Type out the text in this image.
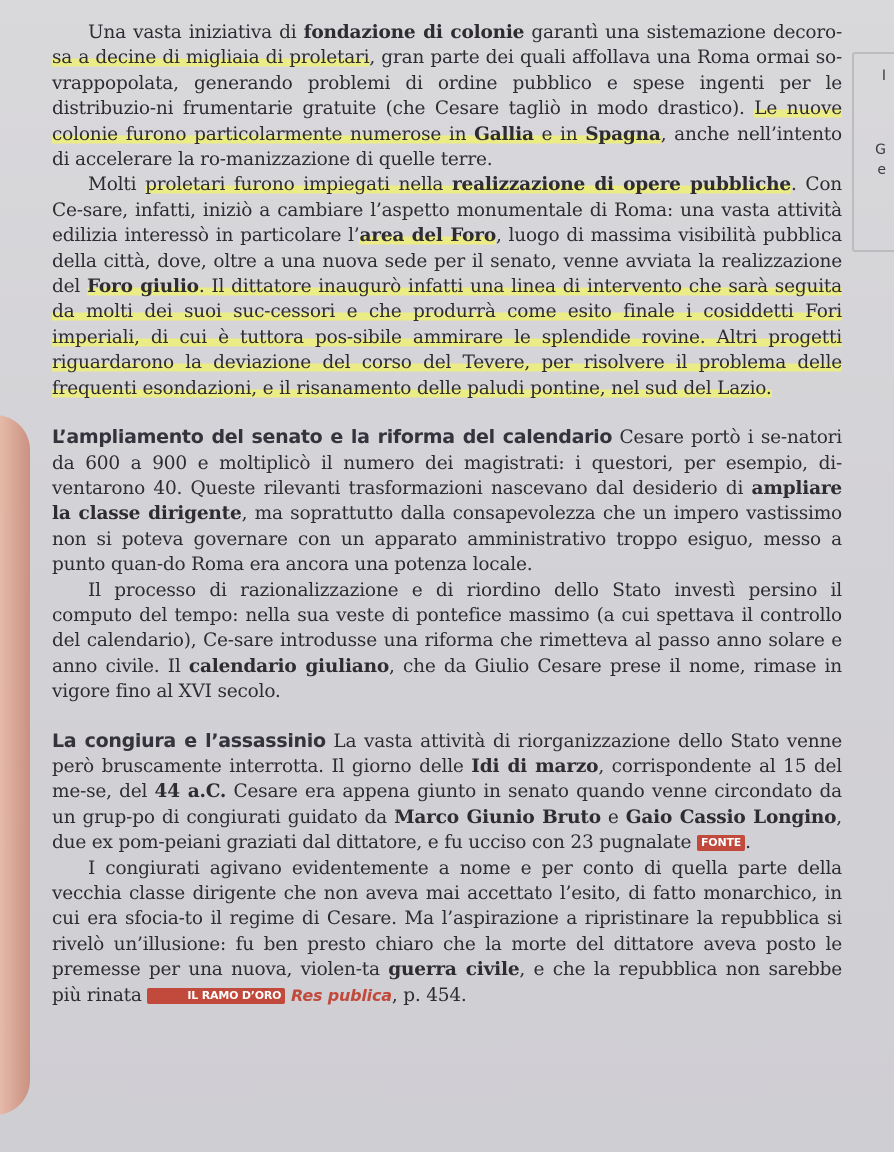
I
G
e

Una vasta iniziativa di fondazione di colonie garantì una sistemazione decoro-sa a decine di migliaia di proletari, gran parte dei quali affollava una Roma ormai so-vrappopolata, generando problemi di ordine pubblico e spese ingenti per le distribuzio-ni frumentarie gratuite (che Cesare tagliò in modo drastico). Le nuove colonie furono particolarmente numerose in Gallia e in Spagna, anche nell’intento di accelerare la ro-manizzazione di quelle terre.

Molti proletari furono impiegati nella realizzazione di opere pubbliche. Con Ce-sare, infatti, iniziò a cambiare l’aspetto monumentale di Roma: una vasta attività edilizia interessò in particolare l’area del Foro, luogo di massima visibilità pubblica della città, dove, oltre a una nuova sede per il senato, venne avviata la realizzazione del Foro giulio. Il dittatore inaugurò infatti una linea di intervento che sarà seguita da molti dei suoi suc-cessori e che produrrà come esito finale i cosiddetti Fori imperiali, di cui è tuttora pos-sibile ammirare le splendide rovine. Altri progetti riguardarono la deviazione del corso del Tevere, per risolvere il problema delle frequenti esondazioni, e il risanamento delle paludi pontine, nel sud del Lazio.

L’ampliamento del senato e la riforma del calendario Cesare portò i se-natori da 600 a 900 e moltiplicò il numero dei magistrati: i questori, per esempio, di-ventarono 40. Queste rilevanti trasformazioni nascevano dal desiderio di ampliare la classe dirigente, ma soprattutto dalla consapevolezza che un impero vastissimo non si poteva governare con un apparato amministrativo troppo esiguo, messo a punto quan-do Roma era ancora una potenza locale.

Il processo di razionalizzazione e di riordino dello Stato investì persino il computo del tempo: nella sua veste di pontefice massimo (a cui spettava il controllo del calendario), Ce-sare introdusse una riforma che rimetteva al passo anno solare e anno civile. Il calendario giuliano, che da Giulio Cesare prese il nome, rimase in vigore fino al XVI secolo.

La congiura e l’assassinio La vasta attività di riorganizzazione dello Stato venne però bruscamente interrotta. Il giorno delle Idi di marzo, corrispondente al 15 del me-se, del 44 a.C. Cesare era appena giunto in senato quando venne circondato da un grup-po di congiurati guidato da Marco Giunio Bruto e Gaio Cassio Longino, due ex pom-peiani graziati dal dittatore, e fu ucciso con 23 pugnalate FONTE .

I congiurati agivano evidentemente a nome e per conto di quella parte della vecchia classe dirigente che non aveva mai accettato l’esito, di fatto monarchico, in cui era sfocia-to il regime di Cesare. Ma l’aspirazione a ripristinare la repubblica si rivelò un’illusione: fu ben presto chiaro che la morte del dittatore aveva posto le premesse per una nuova, violen-ta guerra civile, e che la repubblica non sarebbe più rinata	IL RAMO D’ORO Res publica, p. 454.
